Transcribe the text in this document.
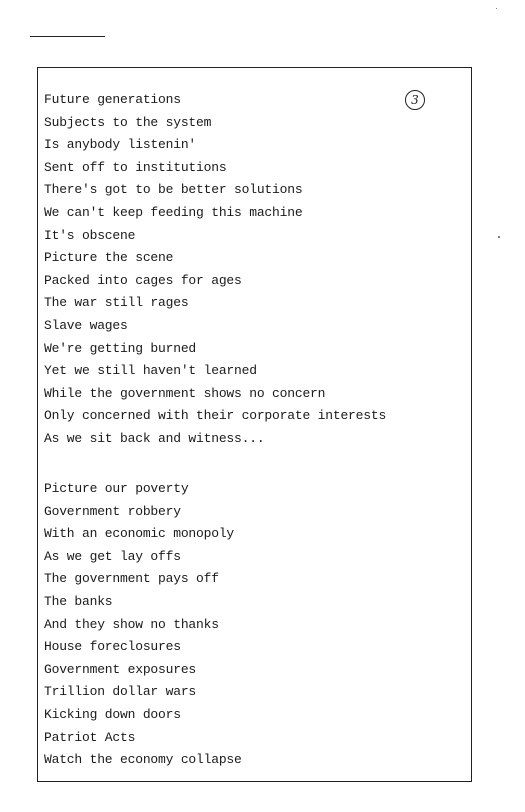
3
Future generations
Subjects to the system
Is anybody listenin'
Sent off to institutions
There's got to be better solutions
We can't keep feeding this machine
It's obscene
Picture the scene
Packed into cages for ages
The war still rages
Slave wages
We're getting burned
Yet we still haven't learned
While the government shows no concern
Only concerned with their corporate interests
As we sit back and witness...
Picture our poverty
Government robbery
With an economic monopoly
As we get lay offs
The government pays off
The banks
And they show no thanks
House foreclosures
Government exposures
Trillion dollar wars
Kicking down doors
Patriot Acts
Watch the economy collapse
